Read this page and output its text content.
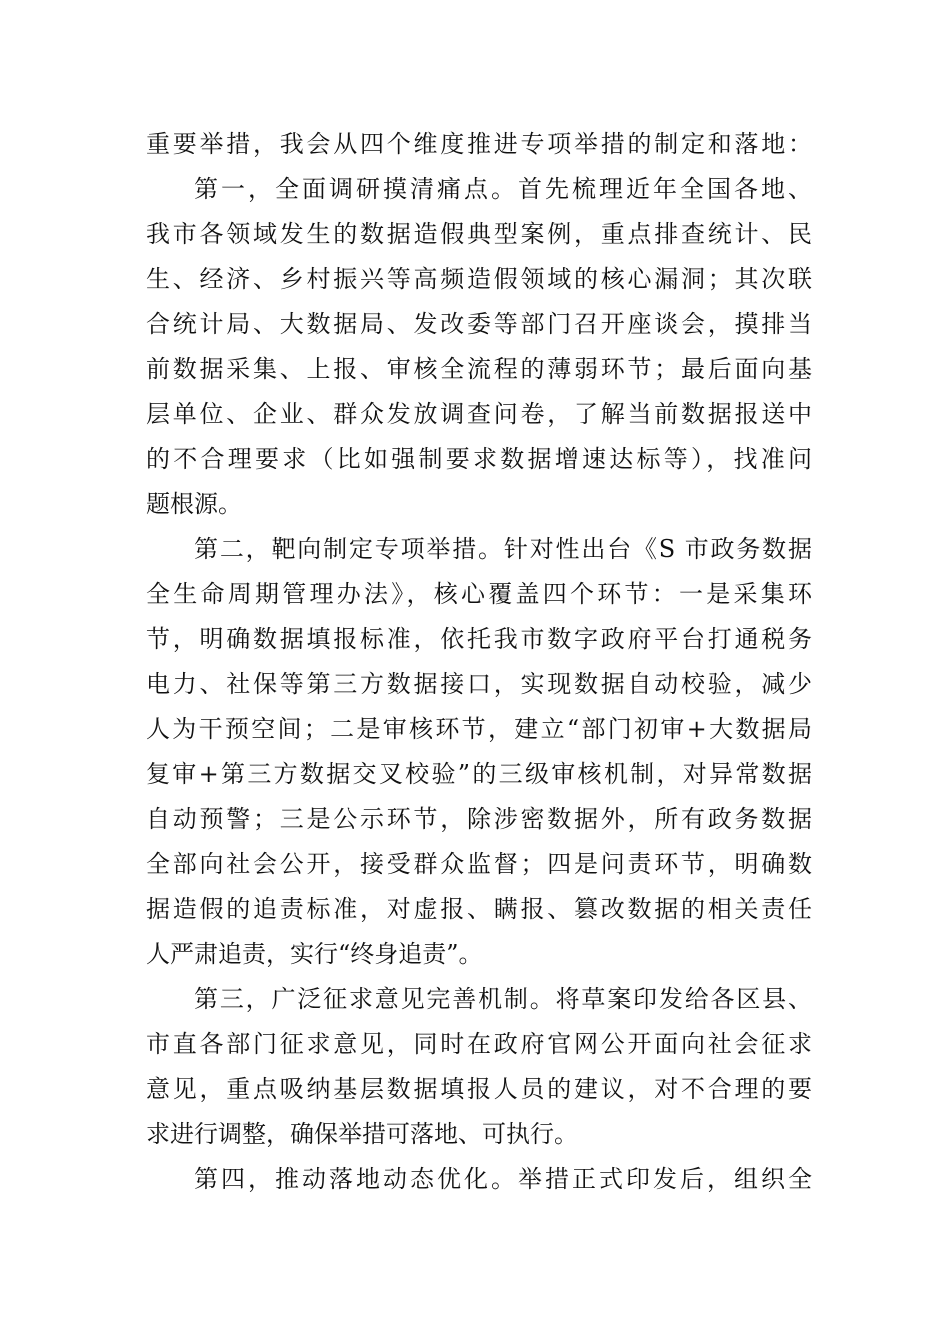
重要举措，我会从四个维度推进专项举措的制定和落地：
第一，全面调研摸清痛点。首先梳理近年全国各地、
我市各领域发生的数据造假典型案例，重点排查统计、民
生、经济、乡村振兴等高频造假领域的核心漏洞；其次联
合统计局、大数据局、发改委等部门召开座谈会，摸排当
前数据采集、上报、审核全流程的薄弱环节；最后面向基
层单位、企业、群众发放调查问卷，了解当前数据报送中
的不合理要求（比如强制要求数据增速达标等），找准问
题根源。
第二，靶向制定专项举措。针对性出台《S 市政务数据
全生命周期管理办法》，核心覆盖四个环节：一是采集环
节，明确数据填报标准，依托我市数字政府平台打通税务
电力、社保等第三方数据接口，实现数据自动校验，减少
人为干预空间；二是审核环节，建立“部门初审+大数据局
复审+第三方数据交叉校验”的三级审核机制，对异常数据
自动预警；三是公示环节，除涉密数据外，所有政务数据
全部向社会公开，接受群众监督；四是问责环节，明确数
据造假的追责标准，对虚报、瞒报、篡改数据的相关责任
人严肃追责，实行“终身追责”。
第三，广泛征求意见完善机制。将草案印发给各区县、
市直各部门征求意见，同时在政府官网公开面向社会征求
意见，重点吸纳基层数据填报人员的建议，对不合理的要
求进行调整，确保举措可落地、可执行。
第四，推动落地动态优化。举措正式印发后，组织全
